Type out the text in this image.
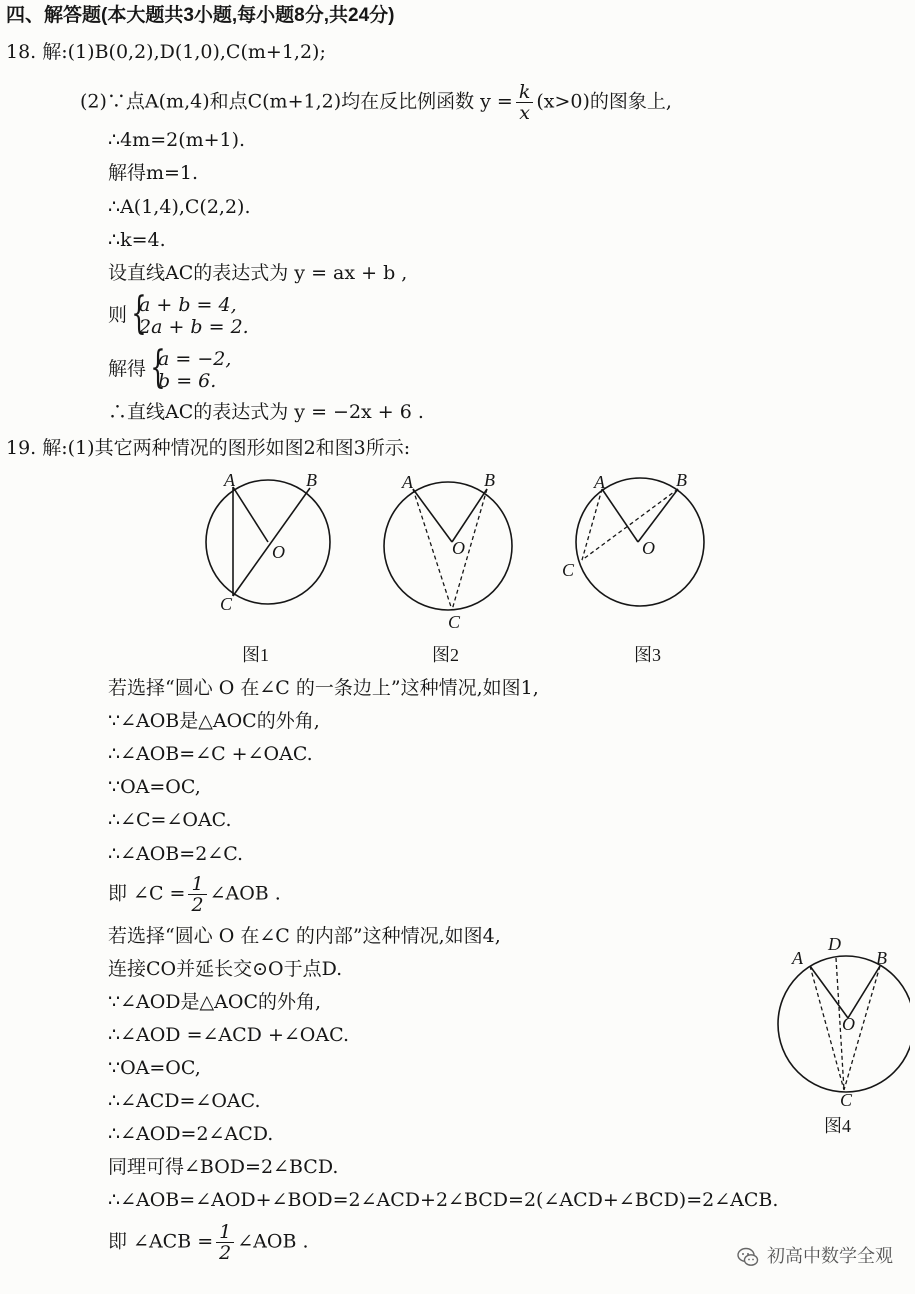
四、解答题(本大题共3小题,每小题8分,共24分)
18. 解:(1)B(0,2),D(1,0),C(m+1,2);
(2)∵点A(m,4)和点C(m+1,2)均在反比例函数 $y = \frac{k}{x} (x>0)$的图象上,
∴4m=2(m+1).
解得m=1.
∴A(1,4),C(2,2).
∴k=4.
设直线AC的表达式为 y = ax + b ,
则 { a + b = 4,
2a + b = 2.
解得 { a = −2,
b = 6.
∴直线AC的表达式为 y = −2x + 6 .
19. 解:(1)其它两种情况的图形如图2和图3所示:
A	B
O
C
A	B
O
C
A	B
O
C
图1	图2	图3
若选择“圆心 O 在∠C 的一条边上”这种情况,如图1,
∵∠AOB是△AOC的外角,
∴∠AOB=∠C +∠OAC.
∵OA=OC,
∴∠C=∠OAC.
∴∠AOB=2∠C.
即 ∠C = $\frac{1}{2}$ ∠AOB .
若选择“圆心 O 在∠C 的内部”这种情况,如图4,
连接CO并延长交⊙O于点D.
∵∠AOD是△AOC的外角,
∴∠AOD =∠ACD +∠OAC.
∵OA=OC,
∴∠ACD=∠OAC.
∴∠AOD=2∠ACD.
同理可得∠BOD=2∠BCD.
∴∠AOB=∠AOD+∠BOD=2∠ACD+2∠BCD=2(∠ACD+∠BCD)=2∠ACB.
即 ∠ACB = $\frac{1}{2}$ ∠AOB .
D
A	B
O
C
图4
初高中数学全观
